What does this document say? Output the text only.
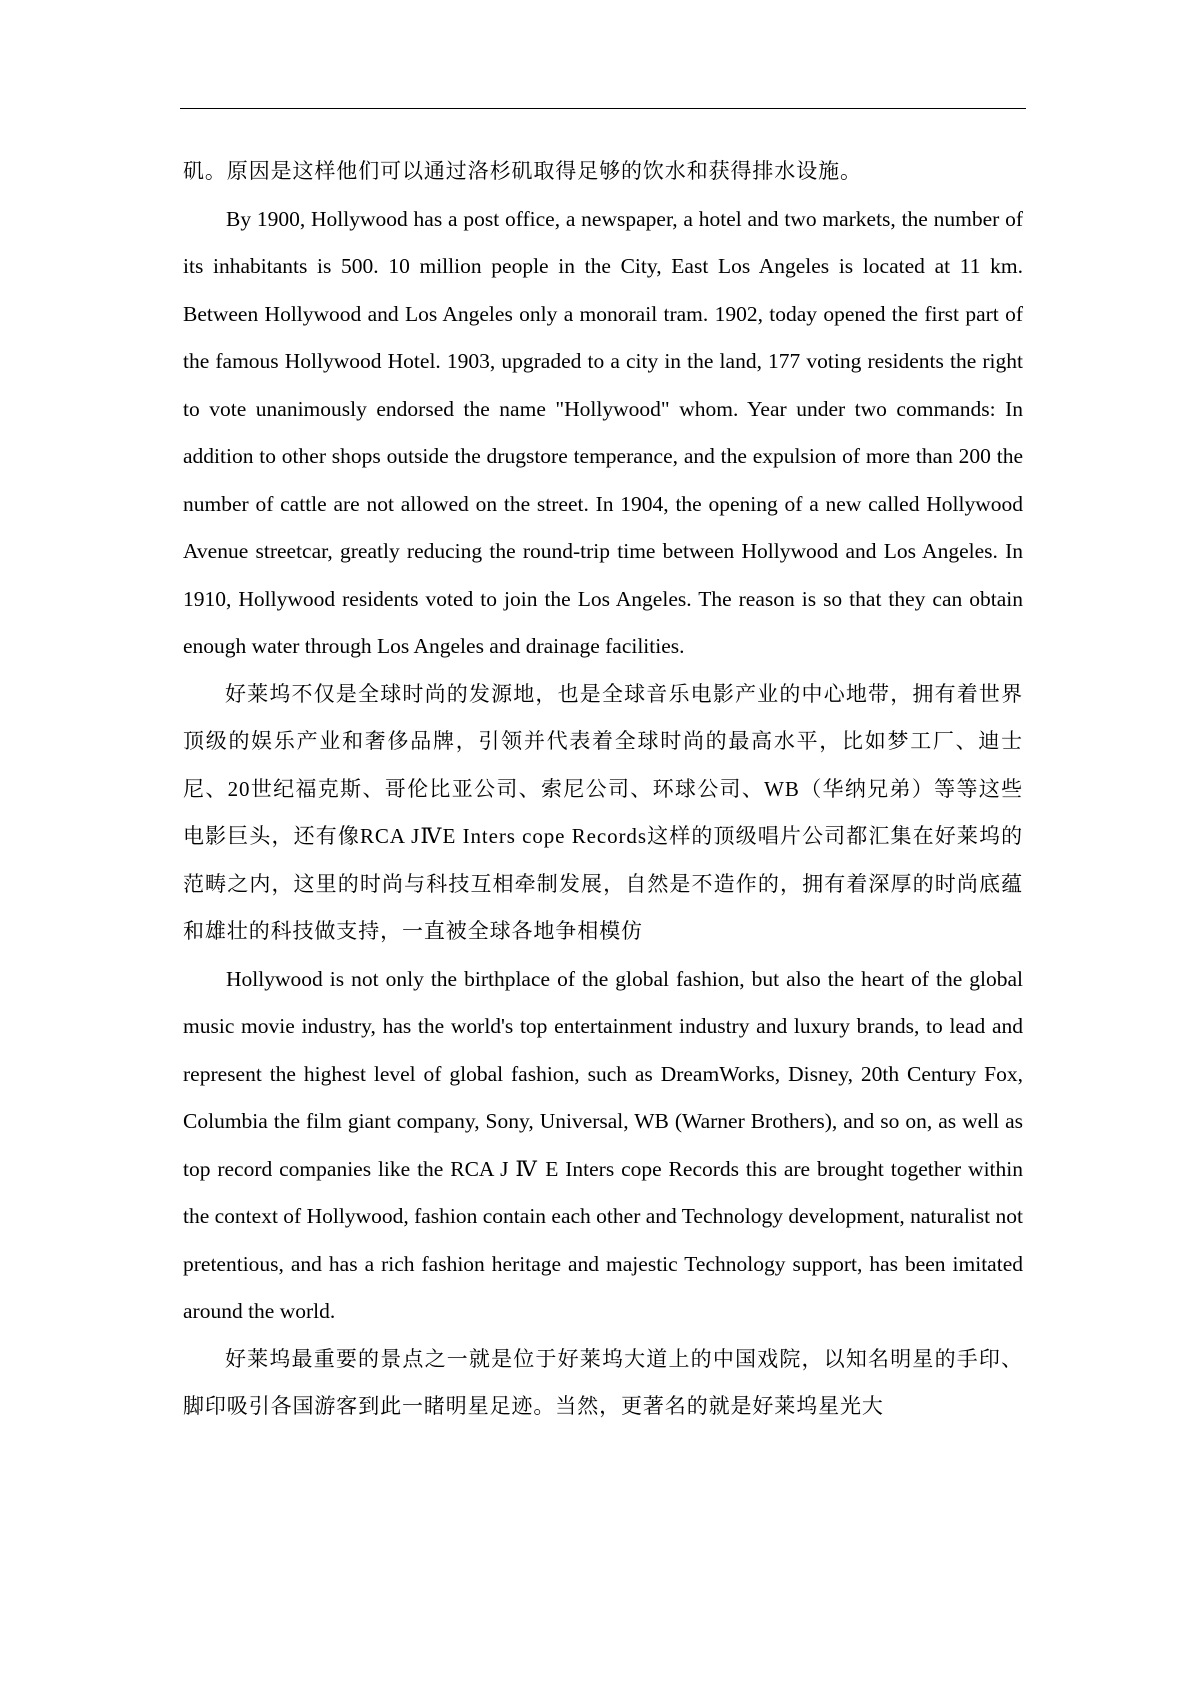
矶。原因是这样他们可以通过洛杉矶取得足够的饮水和获得排水设施。

By 1900, Hollywood has a post office, a newspaper, a hotel and two markets, the number of its inhabitants is 500. 10 million people in the City, East Los Angeles is located at 11 km. Between Hollywood and Los Angeles only a monorail tram. 1902, today opened the first part of the famous Hollywood Hotel. 1903, upgraded to a city in the land, 177 voting residents the right to vote unanimously endorsed the name "Hollywood" whom. Year under two commands: In addition to other shops outside the drugstore temperance, and the expulsion of more than 200 the number of cattle are not allowed on the street. In 1904, the opening of a new called Hollywood Avenue streetcar, greatly reducing the round-trip time between Hollywood and Los Angeles. In 1910, Hollywood residents voted to join the Los Angeles. The reason is so that they can obtain enough water through Los Angeles and drainage facilities.

好莱坞不仅是全球时尚的发源地，也是全球音乐电影产业的中心地带，拥有着世界顶级的娱乐产业和奢侈品牌，引领并代表着全球时尚的最高水平，比如梦工厂、迪士尼、20世纪福克斯、哥伦比亚公司、索尼公司、环球公司、WB（华纳兄弟）等等这些电影巨头，还有像RCA JⅣE Inters cope Records这样的顶级唱片公司都汇集在好莱坞的范畴之内，这里的时尚与科技互相牵制发展，自然是不造作的，拥有着深厚的时尚底蕴和雄壮的科技做支持，一直被全球各地争相模仿

Hollywood is not only the birthplace of the global fashion, but also the heart of the global music movie industry, has the world's top entertainment industry and luxury brands, to lead and represent the highest level of global fashion, such as DreamWorks, Disney, 20th Century Fox, Columbia the film giant company, Sony, Universal, WB (Warner Brothers), and so on, as well as top record companies like the RCA J Ⅳ E Inters cope Records this are brought together within the context of Hollywood, fashion contain each other and Technology development, naturalist not pretentious, and has a rich fashion heritage and majestic Technology support, has been imitated around the world.

好莱坞最重要的景点之一就是位于好莱坞大道上的中国戏院，以知名明星的手印、脚印吸引各国游客到此一睹明星足迹。当然，更著名的就是好莱坞星光大
